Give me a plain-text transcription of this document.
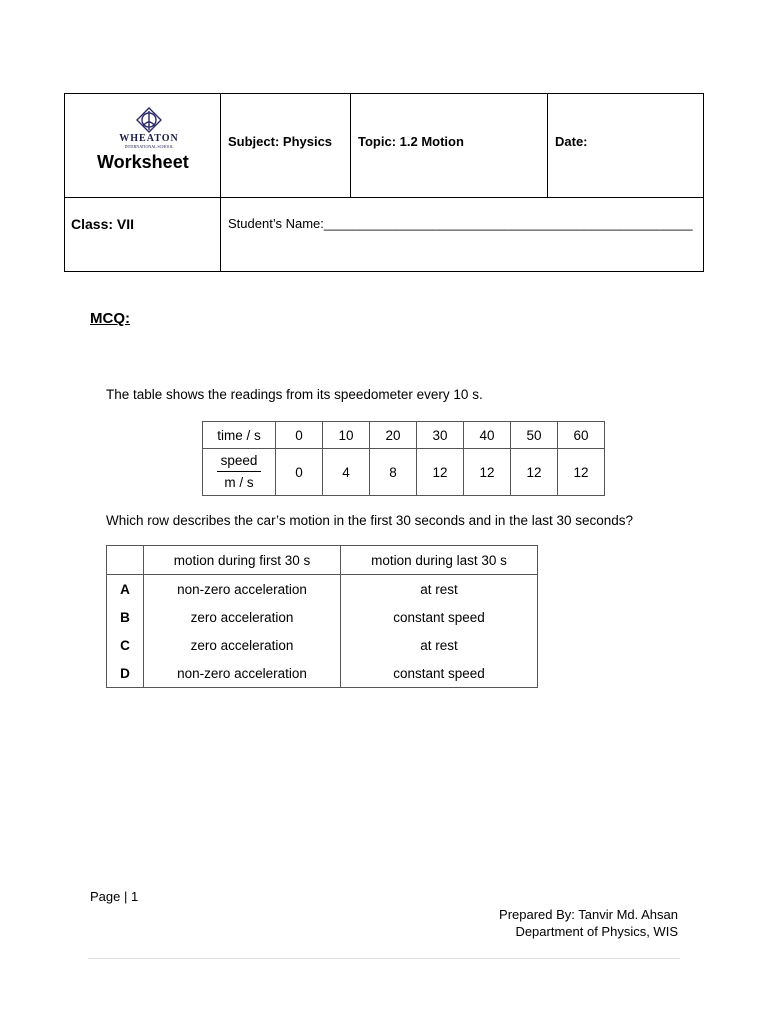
WHEATON
INTERNATIONAL SCHOOL
Worksheet
Subject: Physics Topic: 1.2 Motion	Date:
Class: VII	Student’s Name:___________________________________________________
MCQ:
The table shows the readings from its speedometer every 10 s.
time / s	0	10	20	30	40	50	60

$\frac{\text{speed}}{m / s}$	0	4	8	12	12	12	12
Which row describes the car’s motion in the first 30 seconds and in the last 30 seconds?
	motion during first 30 s	motion during last 30 s
A	non-zero acceleration	at rest
B	zero acceleration	constant speed
C	zero acceleration	at rest
D	non-zero acceleration	constant speed
Page | 1
Prepared By: Tanvir Md. Ahsan
Department of Physics, WIS
